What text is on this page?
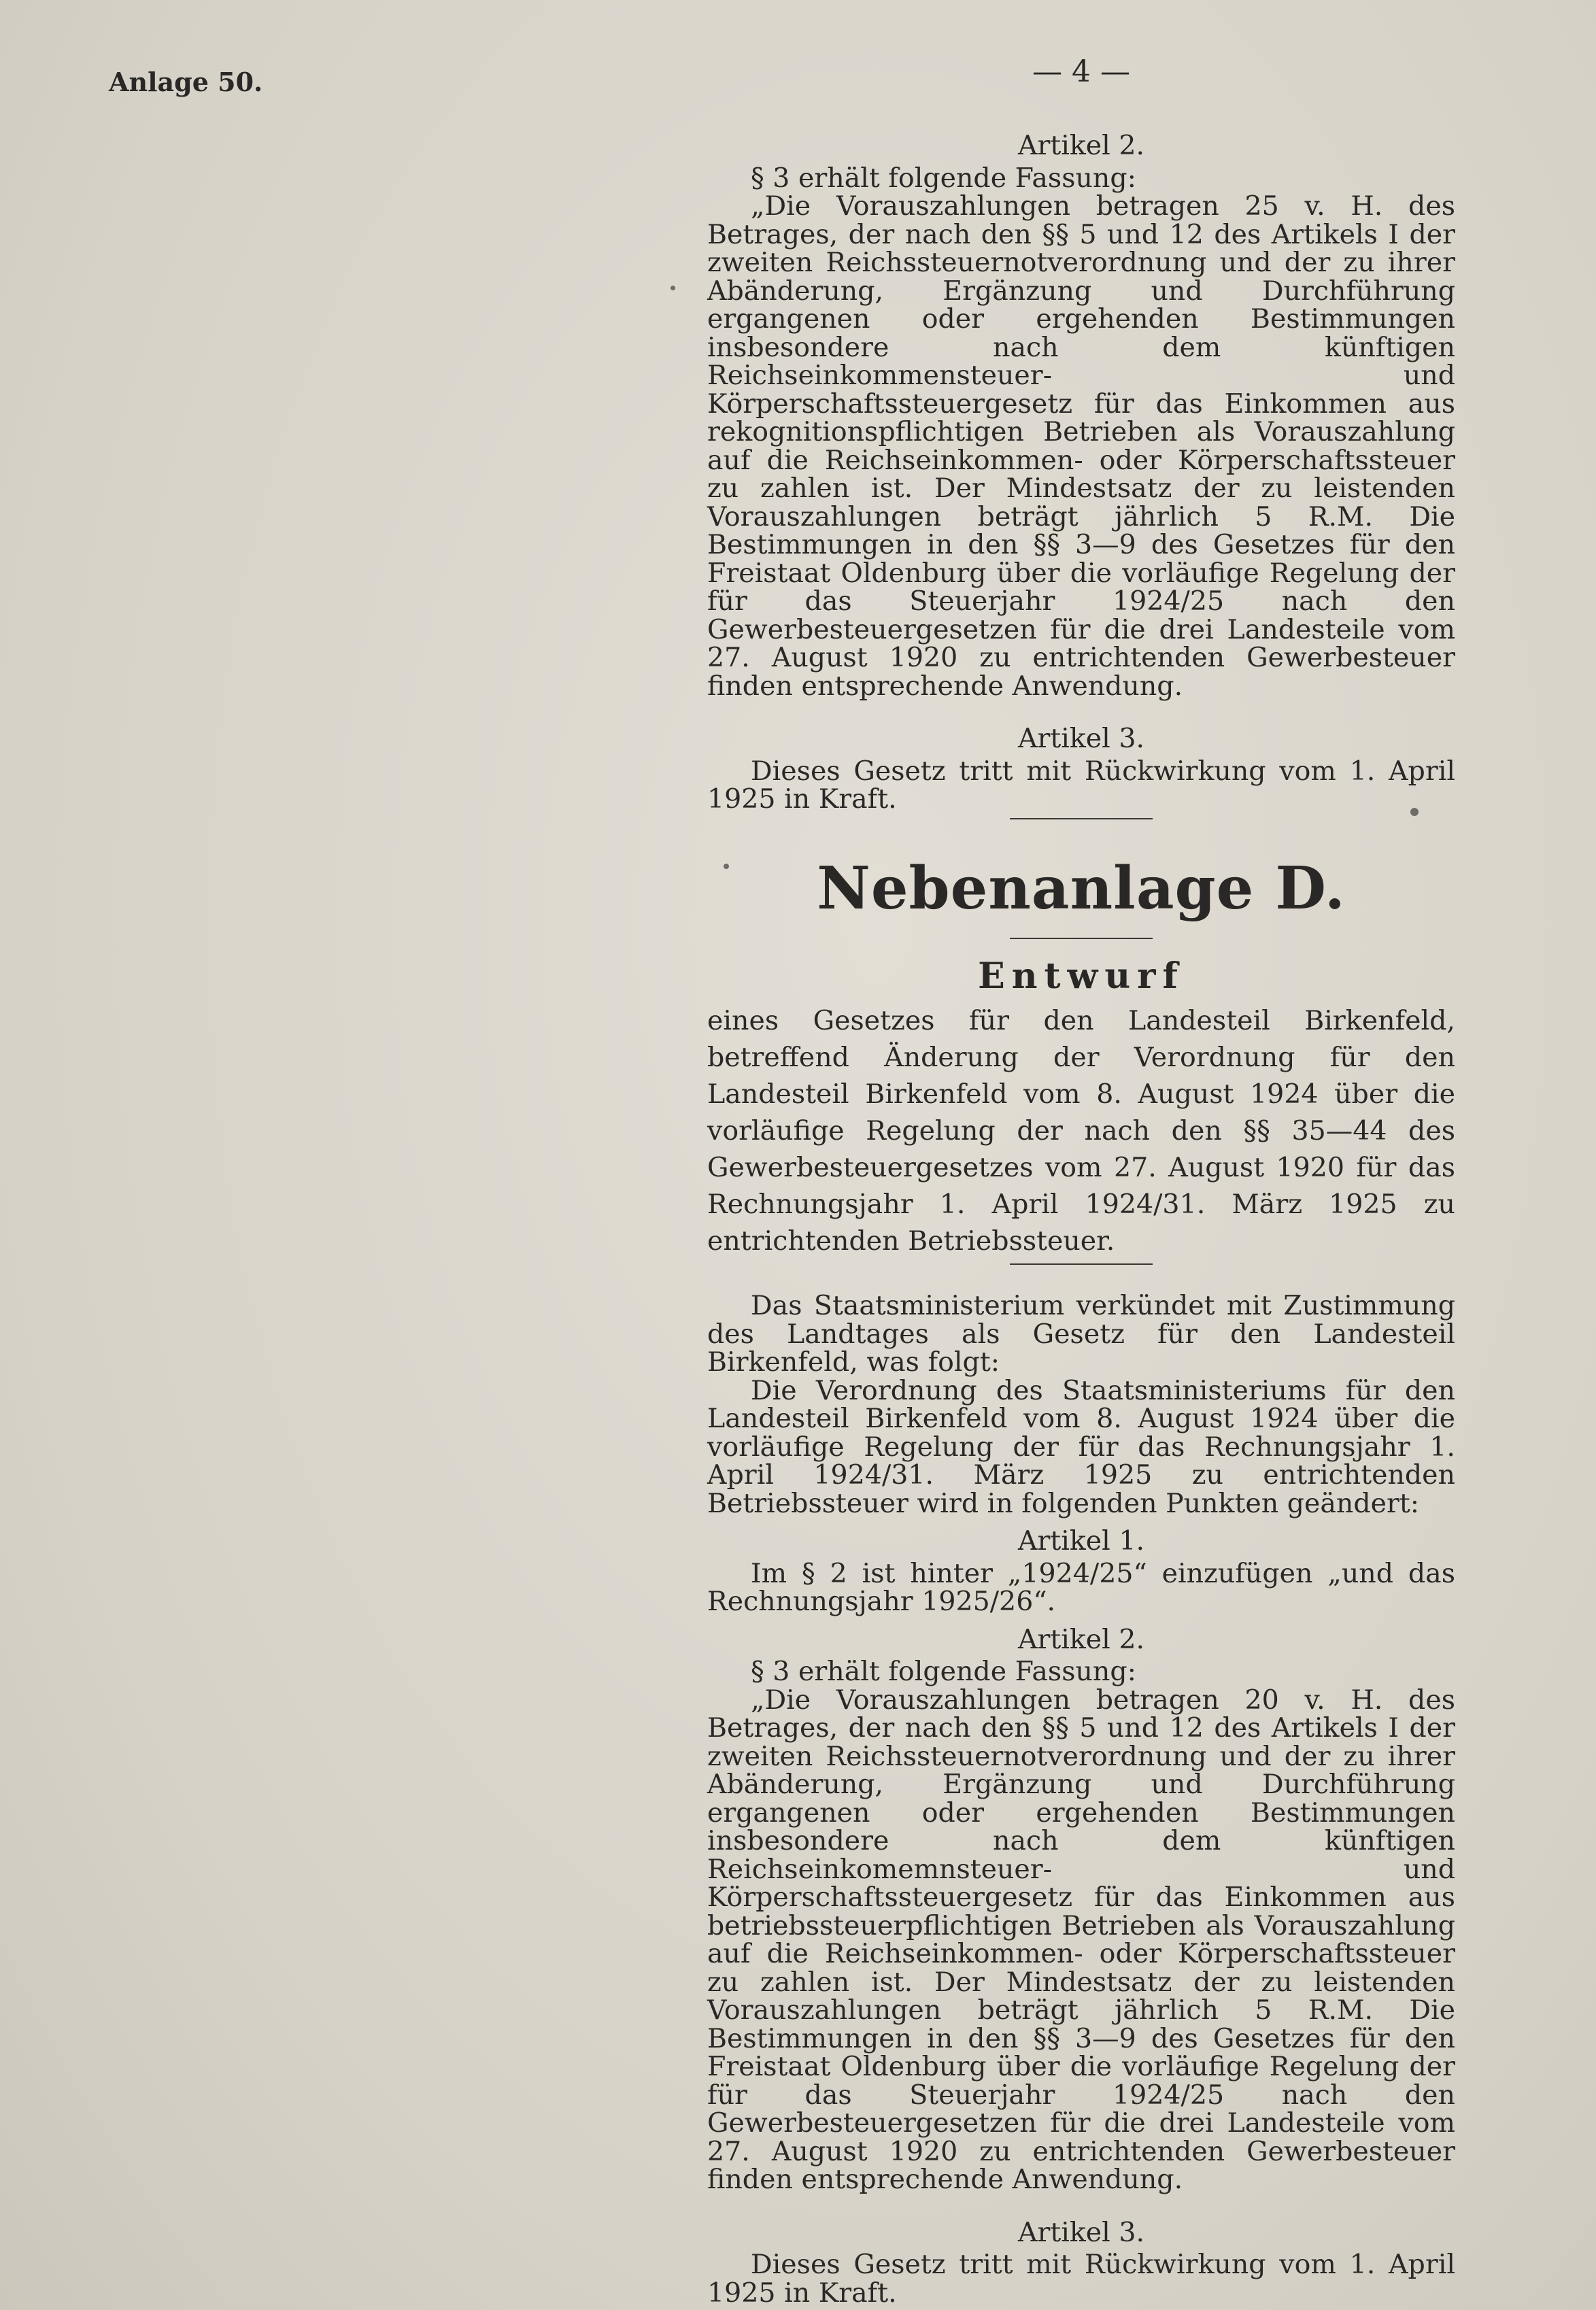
Anlage 50.	— 4 —

Artikel 2.

§ 3 erhält folgende Fassung:

„Die Vorauszahlungen betragen 25 v. H. des Betrages, der nach den §§ 5 und 12 des Artikels I der zweiten Reichssteuernotverordnung und der zu ihrer Abänderung, Ergänzung und Durchführung ergangenen oder ergehenden Bestimmungen insbesondere nach dem künftigen Reichseinkommensteuer- und Körperschaftssteuergesetz für das Einkommen aus rekognitionspflichtigen Betrieben als Vorauszahlung auf die Reichseinkommen- oder Körperschaftssteuer zu zahlen ist. Der Mindestsatz der zu leistenden Vorauszahlungen beträgt jährlich 5 R.M. Die Bestimmungen in den §§ 3—9 des Gesetzes für den Freistaat Oldenburg über die vorläufige Regelung der für das Steuerjahr 1924/25 nach den Gewerbesteuergesetzen für die drei Landesteile vom 27. August 1920 zu entrichtenden Gewerbesteuer finden entsprechende Anwendung.

Artikel 3.

Dieses Gesetz tritt mit Rückwirkung vom 1. April 1925 in Kraft.

Nebenanlage D.
Entwurf

eines Gesetzes für den Landesteil Birkenfeld, betreffend Änderung der Verordnung für den Landesteil Birkenfeld vom 8. August 1924 über die vorläufige Regelung der nach den §§ 35—44 des Gewerbesteuergesetzes vom 27. August 1920 für das Rechnungsjahr 1. April 1924/31. März 1925 zu entrichtenden Betriebssteuer.

Das Staatsministerium verkündet mit Zustimmung des Landtages als Gesetz für den Landesteil Birkenfeld, was folgt:

Die Verordnung des Staatsministeriums für den Landesteil Birkenfeld vom 8. August 1924 über die vorläufige Regelung der für das Rechnungsjahr 1. April 1924/31. März 1925 zu entrichtenden Betriebssteuer wird in folgenden Punkten geändert:

Artikel 1.

Im § 2 ist hinter „1924/25“ einzufügen „und das Rechnungsjahr 1925/26“.

Artikel 2.

§ 3 erhält folgende Fassung:

„Die Vorauszahlungen betragen 20 v. H. des Betrages, der nach den §§ 5 und 12 des Artikels I der zweiten Reichssteuernotverordnung und der zu ihrer Abänderung, Ergänzung und Durchführung ergangenen oder ergehenden Bestimmungen insbesondere nach dem künftigen Reichseinkomemnsteuer- und Körperschaftssteuergesetz für das Einkommen aus betriebssteuerpflichtigen Betrieben als Vorauszahlung auf die Reichseinkommen- oder Körperschaftssteuer zu zahlen ist. Der Mindestsatz der zu leistenden Vorauszahlungen beträgt jährlich 5 R.M. Die Bestimmungen in den §§ 3—9 des Gesetzes für den Freistaat Oldenburg über die vorläufige Regelung der für das Steuerjahr 1924/25 nach den Gewerbesteuergesetzen für die drei Landesteile vom 27. August 1920 zu entrichtenden Gewerbesteuer finden entsprechende Anwendung.

Artikel 3.

Dieses Gesetz tritt mit Rückwirkung vom 1. April 1925 in Kraft.
